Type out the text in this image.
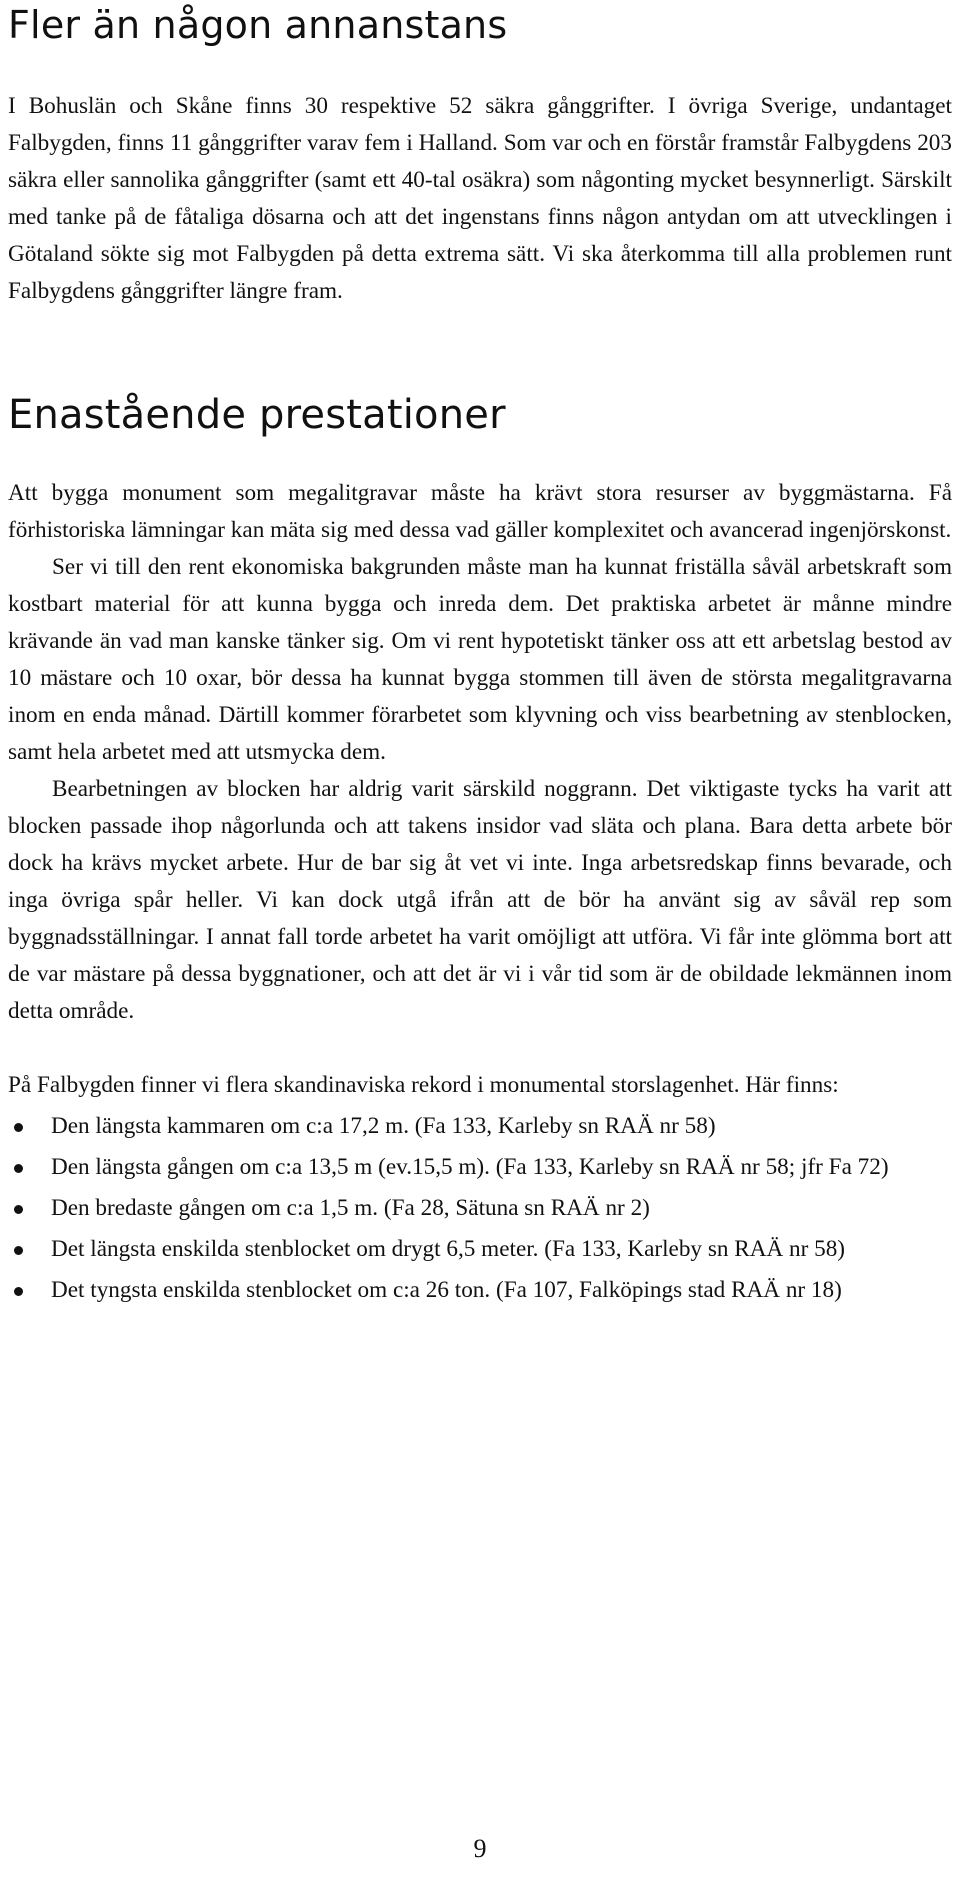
Fler än någon annanstans

I Bohuslän och Skåne finns 30 respektive 52 säkra gånggrifter. I övriga Sverige, undantaget Falbygden, finns 11 gånggrifter varav fem i Halland. Som var och en förstår framstår Falbygdens 203 säkra eller sannolika gånggrifter (samt ett 40-tal osäkra) som någonting mycket besynnerligt. Särskilt med tanke på de fåtaliga dösarna och att det ingenstans finns någon antydan om att utvecklingen i Götaland sökte sig mot Falbygden på detta extrema sätt. Vi ska återkomma till alla problemen runt Falbygdens gånggrifter längre fram.

Enastående prestationer

Att bygga monument som megalitgravar måste ha krävt stora resurser av byggmästarna. Få förhistoriska lämningar kan mäta sig med dessa vad gäller komplexitet och avancerad ingenjörskonst.

Ser vi till den rent ekonomiska bakgrunden måste man ha kunnat friställa såväl arbetskraft som kostbart material för att kunna bygga och inreda dem. Det praktiska arbetet är månne mindre krävande än vad man kanske tänker sig. Om vi rent hypotetiskt tänker oss att ett arbetslag bestod av 10 mästare och 10 oxar, bör dessa ha kunnat bygga stommen till även de största megalitgravarna inom en enda månad. Därtill kommer förarbetet som klyvning och viss bearbetning av stenblocken, samt hela arbetet med att utsmycka dem.

Bearbetningen av blocken har aldrig varit särskild noggrann. Det viktigaste tycks ha varit att blocken passade ihop någorlunda och att takens insidor vad släta och plana. Bara detta arbete bör dock ha krävs mycket arbete. Hur de bar sig åt vet vi inte. Inga arbetsredskap finns bevarade, och inga övriga spår heller. Vi kan dock utgå ifrån att de bör ha använt sig av såväl rep som byggnadsställningar. I annat fall torde arbetet ha varit omöjligt att utföra. Vi får inte glömma bort att de var mästare på dessa byggnationer, och att det är vi i vår tid som är de obildade lekmännen inom detta område.

På Falbygden finner vi flera skandinaviska rekord i monumental storslagenhet. Här finns:

Den längsta kammaren om c:a 17,2 m. (Fa 133, Karleby sn RAÄ nr 58)
Den längsta gången om c:a 13,5 m (ev.15,5 m). (Fa 133, Karleby sn RAÄ nr 58; jfr Fa 72)
Den bredaste gången om c:a 1,5 m. (Fa 28, Sätuna sn RAÄ nr 2)
Det längsta enskilda stenblocket om drygt 6,5 meter. (Fa 133, Karleby sn RAÄ nr 58)
Det tyngsta enskilda stenblocket om c:a 26 ton. (Fa 107, Falköpings stad RAÄ nr 18)
9
